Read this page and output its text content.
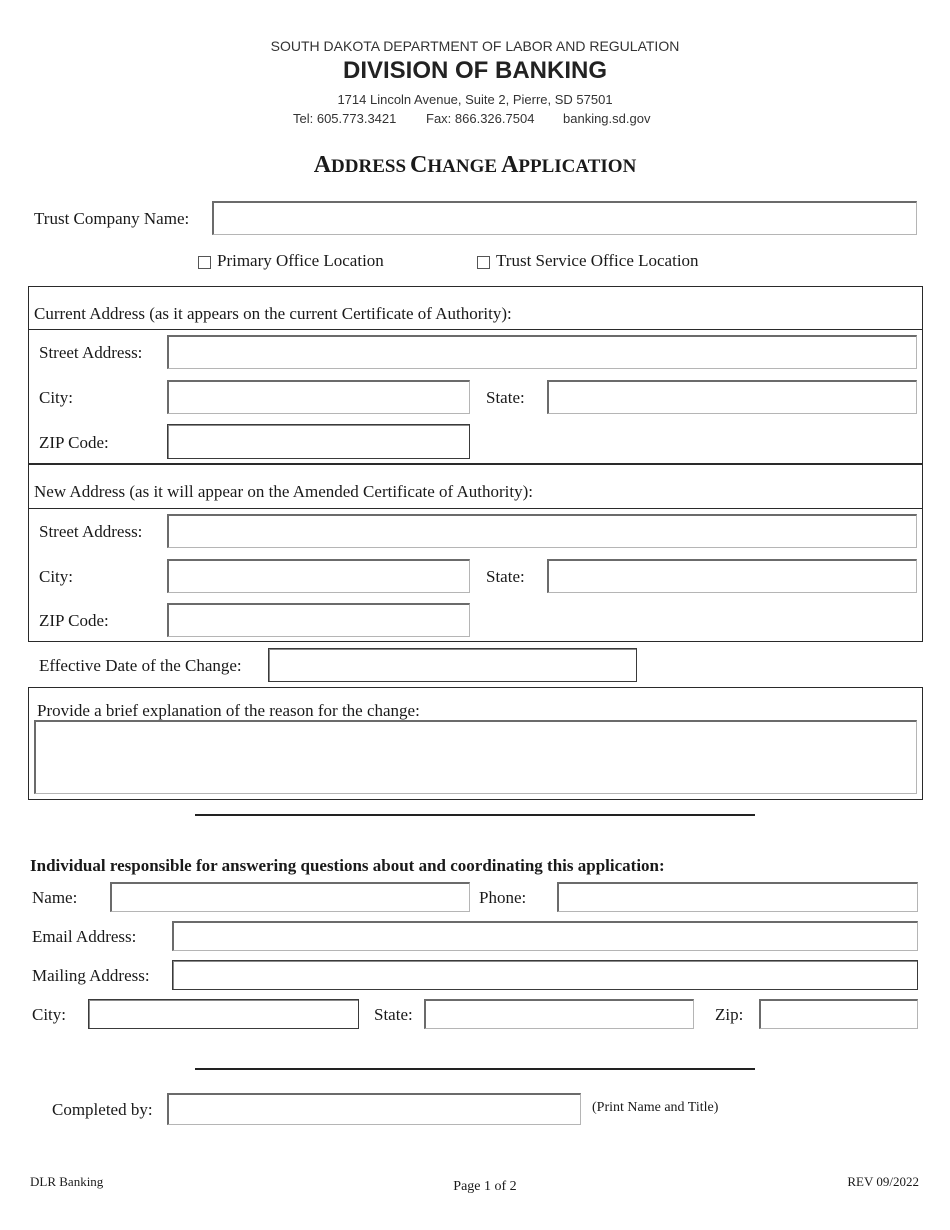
SOUTH DAKOTA DEPARTMENT OF LABOR AND REGULATION
DIVISION OF BANKING
1714 Lincoln Avenue, Suite 2, Pierre, SD 57501
Tel: 605.773.3421 Fax: 866.326.7504 banking.sd.gov
ADDRESS CHANGE APPLICATION
Trust Company Name:
Primary Office Location	Trust Service Office Location
Current Address (as it appears on the current Certificate of Authority):
Street Address:
City:	State:
ZIP Code:
New Address (as it will appear on the Amended Certificate of Authority):
Street Address:
City:	State:
ZIP Code:
Effective Date of the Change:
Provide a brief explanation of the reason for the change:
Individual responsible for answering questions about and coordinating this application:
Name:	Phone:
Email Address:
Mailing Address:
City:	State:	Zip:
Completed by:	(Print Name and Title)
DLR Banking	Page 1 of 2	REV 09/2022
